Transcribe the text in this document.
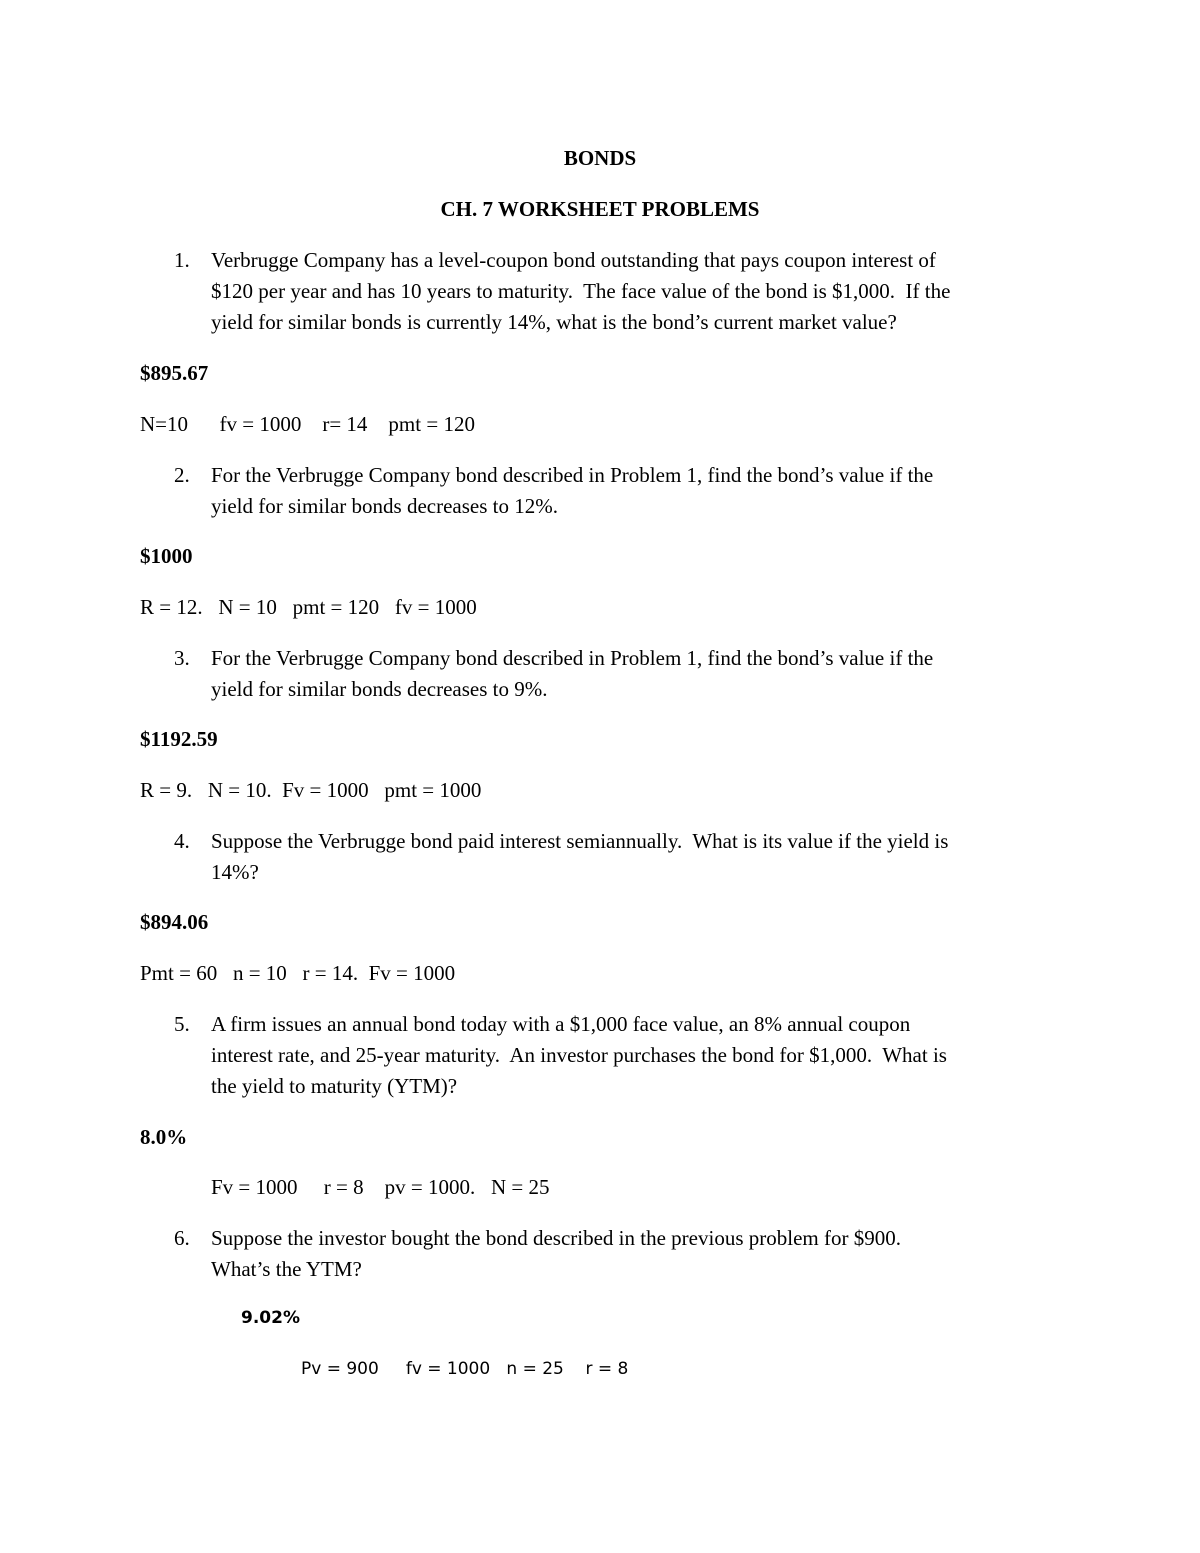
BONDS
CH. 7 WORKSHEET PROBLEMS
1. Verbrugge Company has a level-coupon bond outstanding that pays coupon interest of
$120 per year and has 10 years to maturity.  The face value of the bond is $1,000.  If the
yield for similar bonds is currently 14%, what is the bond’s current market value?
$895.67
N=10      fv = 1000    r= 14    pmt = 120
2. For the Verbrugge Company bond described in Problem 1, find the bond’s value if the
yield for similar bonds decreases to 12%.
$1000
R = 12.   N = 10   pmt = 120   fv = 1000
3. For the Verbrugge Company bond described in Problem 1, find the bond’s value if the
yield for similar bonds decreases to 9%.
$1192.59
R = 9.   N = 10.  Fv = 1000   pmt = 1000
4. Suppose the Verbrugge bond paid interest semiannually.  What is its value if the yield is
14%?
$894.06
Pmt = 60   n = 10   r = 14.  Fv = 1000
5. A firm issues an annual bond today with a $1,000 face value, an 8% annual coupon
interest rate, and 25-year maturity.  An investor purchases the bond for $1,000.  What is
the yield to maturity (YTM)?
8.0%
Fv = 1000     r = 8    pv = 1000.   N = 25
6. Suppose the investor bought the bond described in the previous problem for $900.
What’s the YTM?
9.02%
Pv = 900     fv = 1000   n = 25    r = 8
